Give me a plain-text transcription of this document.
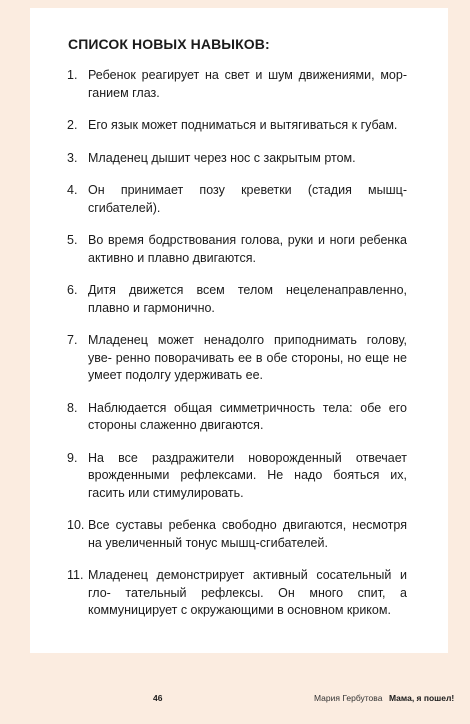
СПИСОК НОВЫХ НАВЫКОВ:
1. Ребенок реагирует на свет и шум движениями, мор- ганием глаз.
2. Его язык может подниматься и вытягиваться к губам.
3. Младенец дышит через нос с закрытым ртом.
4. Он принимает позу креветки (стадия мышц-сгибателей).
5. Во время бодрствования голова, руки и ноги ребенка активно и плавно двигаются.
6. Дитя движется всем телом нецеленаправленно, плавно и гармонично.
7. Младенец может ненадолго приподнимать голову, уве- ренно поворачивать ее в обе стороны, но еще не умеет подолгу удерживать ее.
8. Наблюдается общая симметричность тела: обе его стороны слаженно двигаются.
9. На все раздражители новорожденный отвечает врожденными рефлексами. Не надо бояться их, гасить или стимулировать.
10. Все суставы ребенка свободно двигаются, несмотря на увеличенный тонус мышц-сгибателей.
11. Младенец демонстрирует активный сосательный и гло- тательный рефлексы. Он много спит, а коммуницирует с окружающими в основном криком.
46	Мария Гербутова Мама, я пошел!
